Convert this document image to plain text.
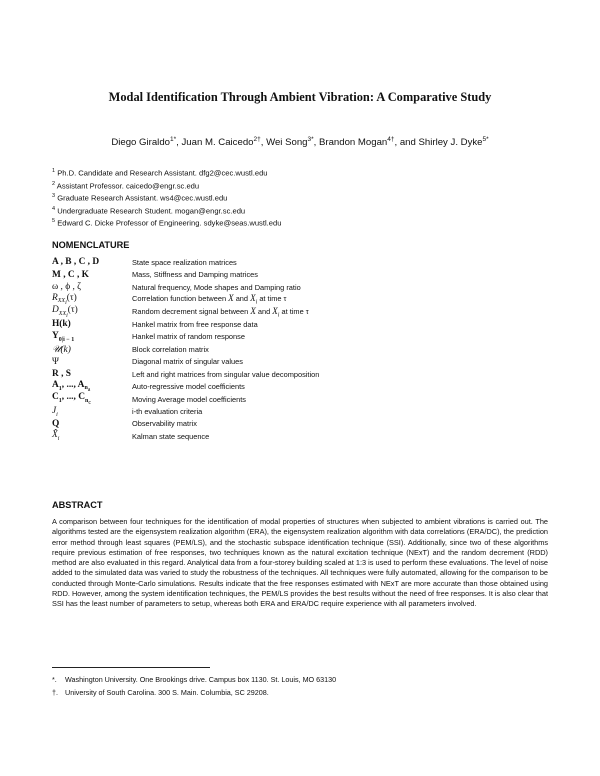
Modal Identification Through Ambient Vibration: A Comparative Study
Diego Giraldo$^{1*}$, Juan M. Caicedo$^{2\dagger}$, Wei Song$^{3*}$, Brandon Mogan$^{4\dagger}$, and Shirley J. Dyke$^{5*}$
$^1$ Ph.D. Candidate and Research Assistant. dfg2@cec.wustl.edu
$^2$ Assistant Professor. caicedo@engr.sc.edu
$^3$ Graduate Research Assistant. ws4@cec.wustl.edu
$^4$ Undergraduate Research Student. mogan@engr.sc.edu
$^5$ Edward C. Dicke Professor of Engineering. sdyke@seas.wustl.edu
NOMENCLATURE
A , B , C , D	State space realization matrices
M , C , K	Mass, Stiffness and Damping matrices
ω , ϕ , ζ	Natural frequency, Mode shapes and Damping ratio
$R_{XX_i}(\tau)$	Correlation function between X and $X_i$ at time τ
$D_{XX_i}(\tau)$	Random decrement signal between X and $X_i$ at time τ
H(k)	Hankel matrix from free response data
$Y_{0|i - 1}$	Hankel matrix of random response
𝒰(k)	Block correlation matrix
Ψ	Diagonal matrix of singular values
R , S	Left and right matrices from singular value decomposition
$A_1$, ..., $A_{n_a}$	Auto-regressive model coefficients
$C_1$, ..., $C_{n_c}$	Moving Average model coefficients
$J_i$	i-th evaluation criteria
Q	Observability matrix
$X̂_i$	Kalman state sequence
ABSTRACT

A comparison between four techniques for the identification of modal properties of structures when subjected to ambient vibrations is carried out. The algorithms tested are the eigensystem realization algorithm (ERA), the eigensystem realization algorithm with data correlations (ERA/DC), the prediction error method through least squares (PEM/LS), and the stochastic subspace identification technique (SSI). Additionally, since two of these algorithms require previous estimation of free responses, two techniques known as the natural excitation technique (NExT) and the random decrement (RDD) method are also evaluated in this regard. Analytical data from a four-storey building scaled at 1:3 is used to perform these evaluations. The level of noise added to the simulated data was varied to study the robustness of the techniques. All techniques were fully automated, allowing for the comparison to be conducted through Monte-Carlo simulations. Results indicate that the free responses estimated with NExT are more accurate than those obtained using RDD. However, among the system identification techniques, the PEM/LS provides the best results without the need of free responses. It is also clear that SSI has the least number of parameters to setup, whereas both ERA and ERA/DC require experience with all parameters involved.

*. Washington University. One Brookings drive. Campus box 1130. St. Louis, MO 63130
†. University of South Carolina. 300 S. Main. Columbia, SC 29208.
